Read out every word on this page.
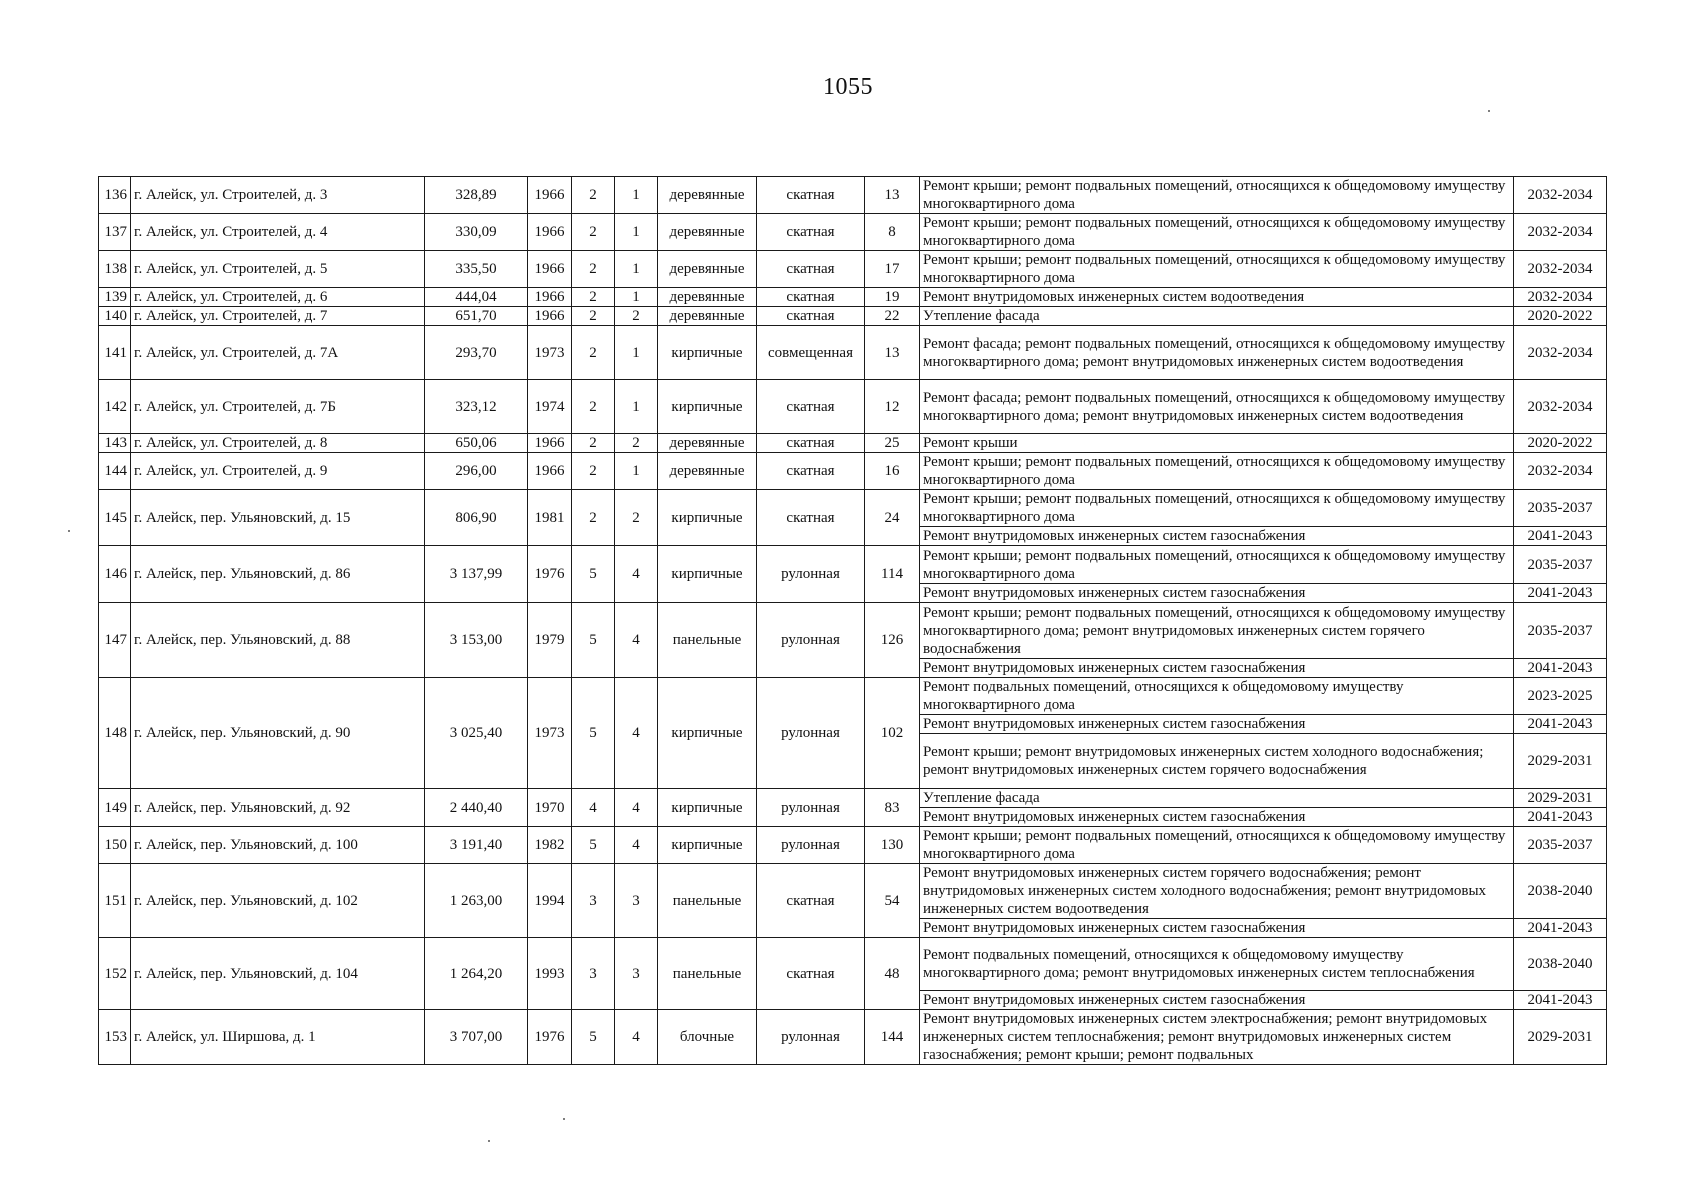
1055
136	г. Алейск, ул. Строителей, д. 3	328,89	1966	2	1	деревянные	скатная	13	Ремонт крыши; ремонт подвальных помещений, относящихся к общедомовому имуществу многоквартирного дома	2032-2034
137	г. Алейск, ул. Строителей, д. 4	330,09	1966	2	1	деревянные	скатная	8	Ремонт крыши; ремонт подвальных помещений, относящихся к общедомовому имуществу многоквартирного дома	2032-2034
138	г. Алейск, ул. Строителей, д. 5	335,50	1966	2	1	деревянные	скатная	17	Ремонт крыши; ремонт подвальных помещений, относящихся к общедомовому имуществу многоквартирного дома	2032-2034
139	г. Алейск, ул. Строителей, д. 6	444,04	1966	2	1	деревянные	скатная	19	Ремонт внутридомовых инженерных систем водоотведения	2032-2034
140	г. Алейск, ул. Строителей, д. 7	651,70	1966	2	2	деревянные	скатная	22	Утепление фасада	2020-2022
141	г. Алейск, ул. Строителей, д. 7А	293,70	1973	2	1	кирпичные	совмещенная	13	Ремонт фасада; ремонт подвальных помещений, относящихся к общедомовому имуществу многоквартирного дома; ремонт внутридомовых инженерных систем водоотведения	2032-2034
142	г. Алейск, ул. Строителей, д. 7Б	323,12	1974	2	1	кирпичные	скатная	12	Ремонт фасада; ремонт подвальных помещений, относящихся к общедомовому имуществу многоквартирного дома; ремонт внутридомовых инженерных систем водоотведения	2032-2034
143	г. Алейск, ул. Строителей, д. 8	650,06	1966	2	2	деревянные	скатная	25	Ремонт крыши	2020-2022
144	г. Алейск, ул. Строителей, д. 9	296,00	1966	2	1	деревянные	скатная	16	Ремонт крыши; ремонт подвальных помещений, относящихся к общедомовому имуществу многоквартирного дома	2032-2034
145	г. Алейск, пер. Ульяновский, д. 15	806,90	1981	2	2	кирпичные	скатная	24	Ремонт крыши; ремонт подвальных помещений, относящихся к общедомовому имуществу многоквартирного дома	2035-2037
									Ремонт внутридомовых инженерных систем газоснабжения	2041-2043
146	г. Алейск, пер. Ульяновский, д. 86	3 137,99	1976	5	4	кирпичные	рулонная	114	Ремонт крыши; ремонт подвальных помещений, относящихся к общедомовому имуществу многоквартирного дома	2035-2037
									Ремонт внутридомовых инженерных систем газоснабжения	2041-2043
147	г. Алейск, пер. Ульяновский, д. 88	3 153,00	1979	5	4	панельные	рулонная	126	Ремонт крыши; ремонт подвальных помещений, относящихся к общедомовому имуществу многоквартирного дома; ремонт внутридомовых инженерных систем горячего водоснабжения	2035-2037
									Ремонт внутридомовых инженерных систем газоснабжения	2041-2043
148	г. Алейск, пер. Ульяновский, д. 90	3 025,40	1973	5	4	кирпичные	рулонная	102	Ремонт подвальных помещений, относящихся к общедомовому имуществу многоквартирного дома	2023-2025
									Ремонт внутридомовых инженерных систем газоснабжения	2041-2043
									Ремонт крыши; ремонт внутридомовых инженерных систем холодного водоснабжения; ремонт внутридомовых инженерных систем горячего водоснабжения	2029-2031
149	г. Алейск, пер. Ульяновский, д. 92	2 440,40	1970	4	4	кирпичные	рулонная	83	Утепление фасада	2029-2031
									Ремонт внутридомовых инженерных систем газоснабжения	2041-2043
150	г. Алейск, пер. Ульяновский, д. 100	3 191,40	1982	5	4	кирпичные	рулонная	130	Ремонт крыши; ремонт подвальных помещений, относящихся к общедомовому имуществу многоквартирного дома	2035-2037
151	г. Алейск, пер. Ульяновский, д. 102	1 263,00	1994	3	3	панельные	скатная	54	Ремонт внутридомовых инженерных систем горячего водоснабжения; ремонт внутридомовых инженерных систем холодного водоснабжения; ремонт внутридомовых инженерных систем водоотведения	2038-2040
									Ремонт внутридомовых инженерных систем газоснабжения	2041-2043
152	г. Алейск, пер. Ульяновский, д. 104	1 264,20	1993	3	3	панельные	скатная	48	Ремонт подвальных помещений, относящихся к общедомовому имуществу многоквартирного дома; ремонт внутридомовых инженерных систем теплоснабжения	2038-2040
									Ремонт внутридомовых инженерных систем газоснабжения	2041-2043
153	г. Алейск, ул. Ширшова, д. 1	3 707,00	1976	5	4	блочные	рулонная	144	Ремонт внутридомовых инженерных систем электроснабжения; ремонт внутридомовых инженерных систем теплоснабжения; ремонт внутридомовых инженерных систем газоснабжения; ремонт крыши; ремонт подвальных	2029-2031
